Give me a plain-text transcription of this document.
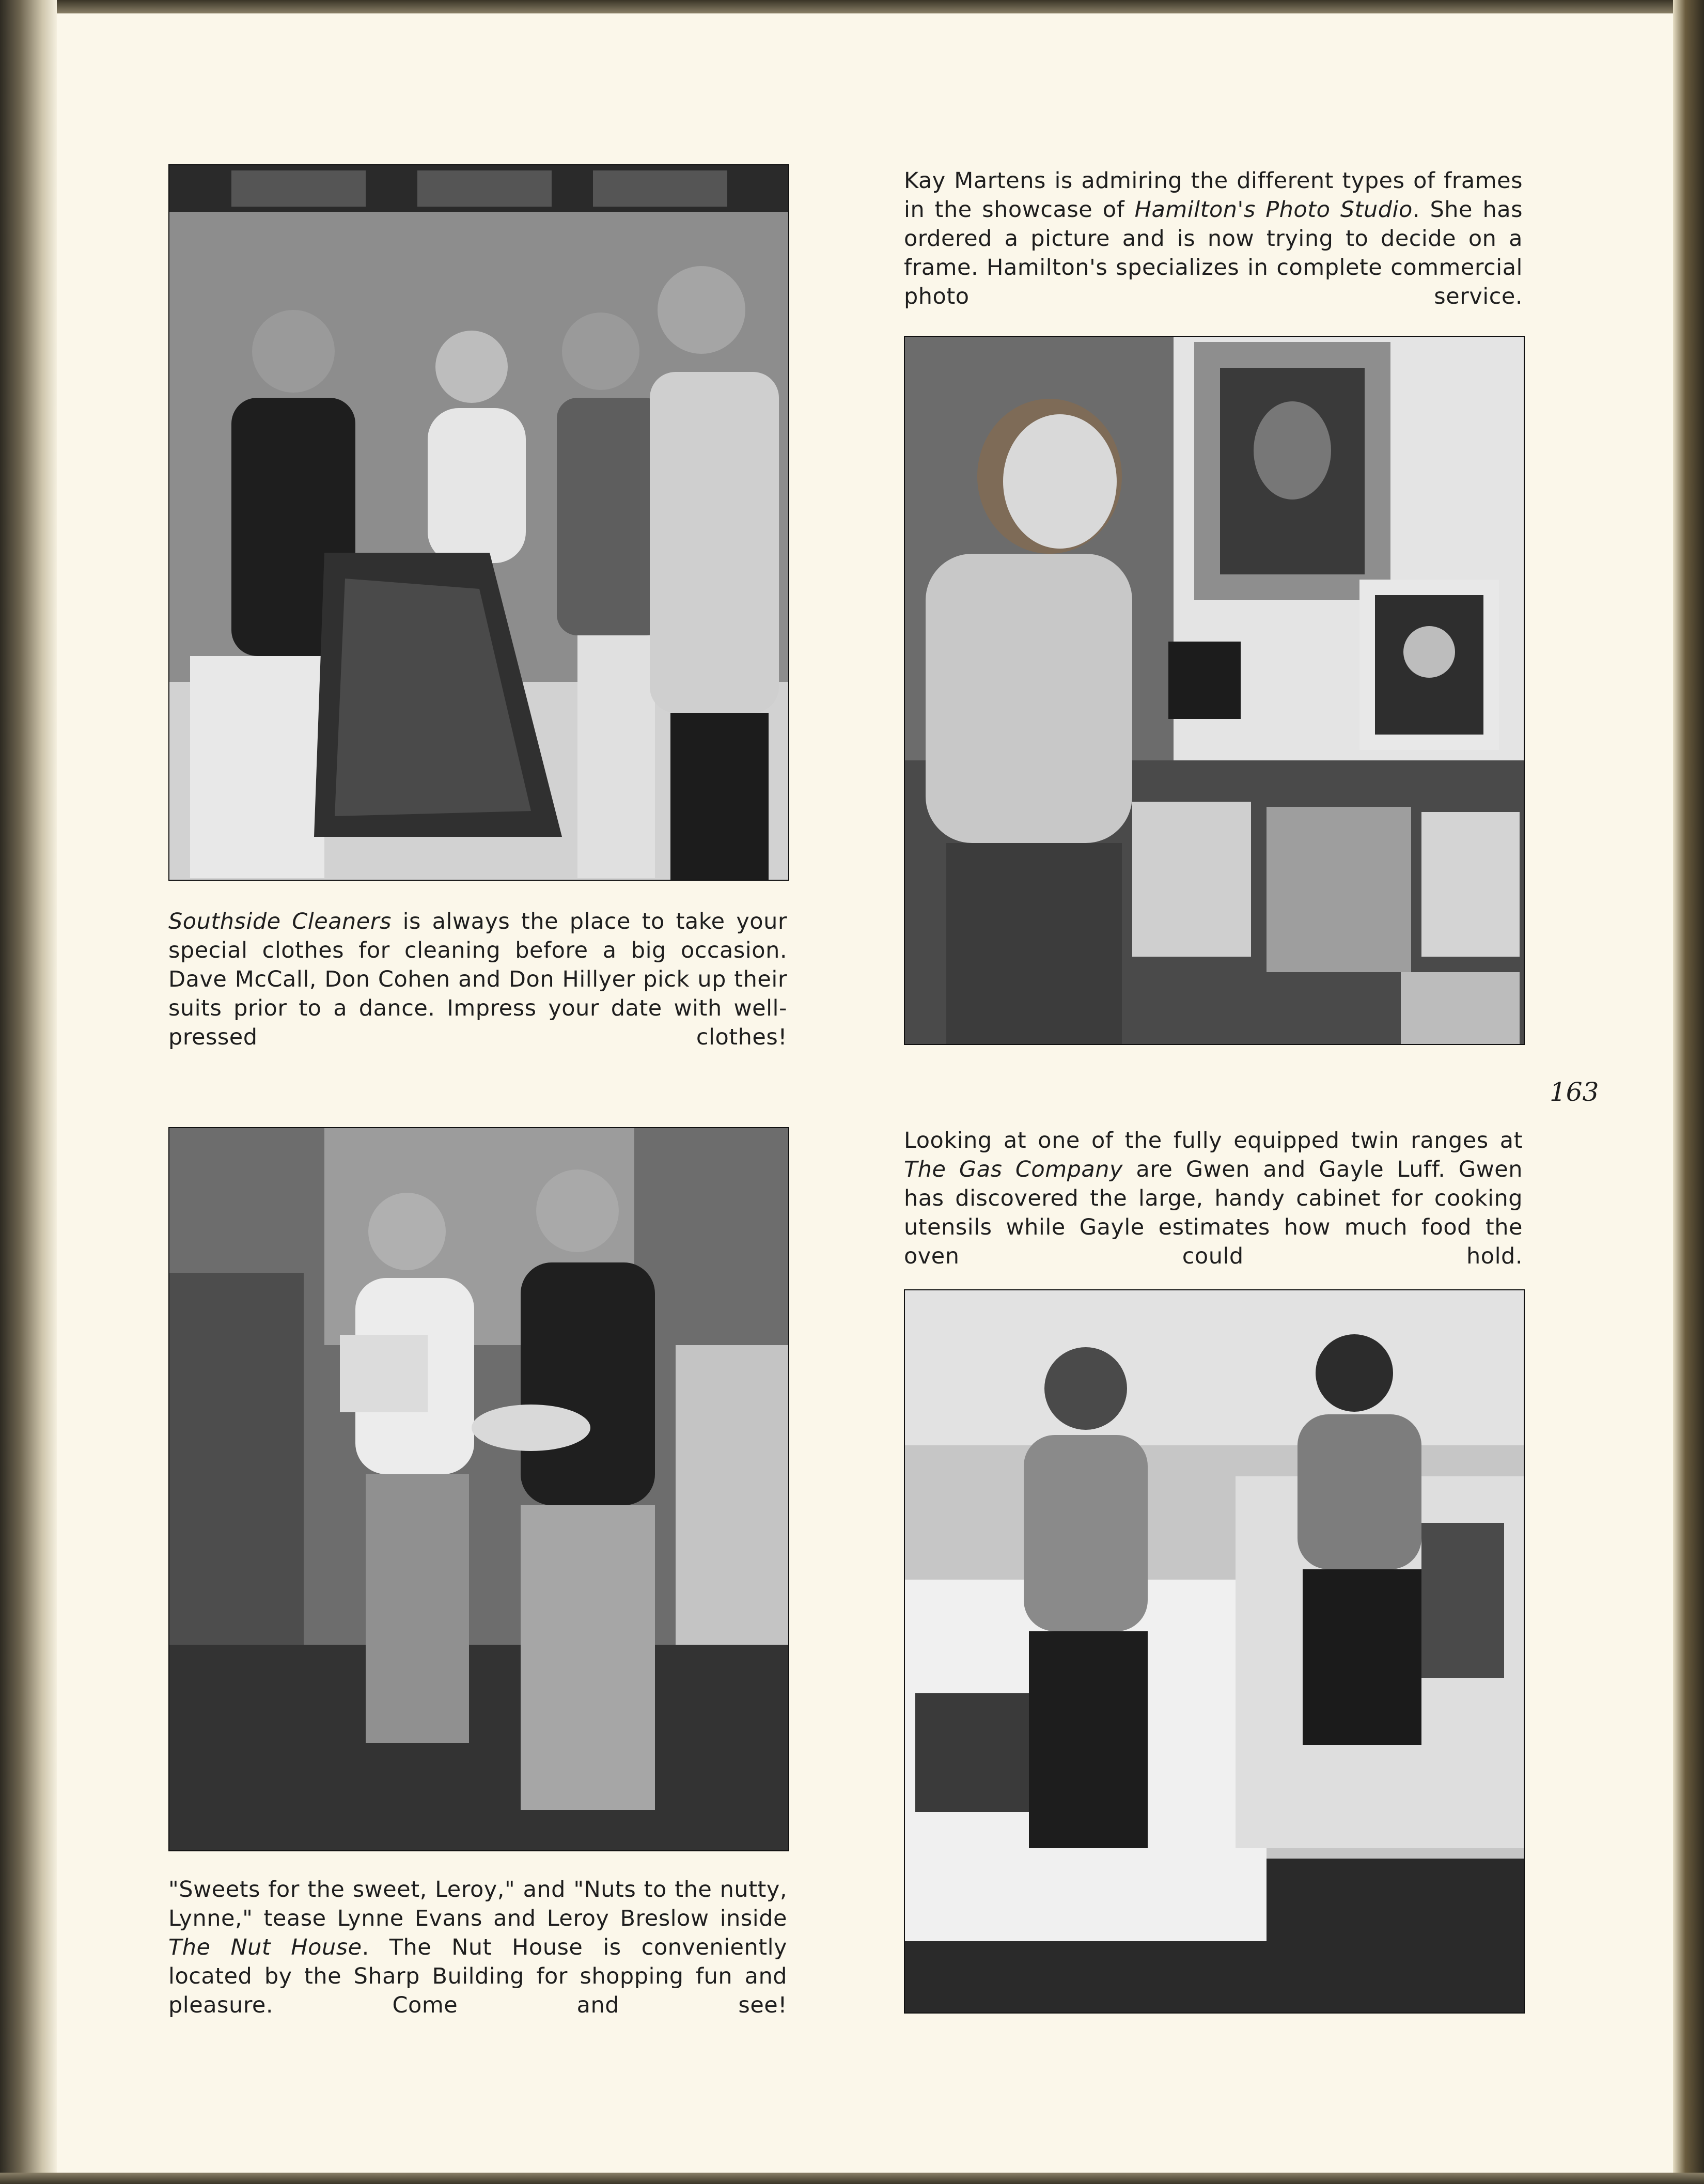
Kay Martens is admiring the different types of frames in the showcase of Hamilton's Photo Studio. She has ordered a picture and is now trying to decide on a frame. Hamilton's specializes in complete commercial photo service.

Southside Cleaners is always the place to take your special clothes for cleaning before a big occasion. Dave McCall, Don Cohen and Don Hillyer pick up their suits prior to a dance. Impress your date with well-pressed clothes!

Looking at one of the fully equipped twin ranges at The Gas Company are Gwen and Gayle Luff. Gwen has discovered the large, handy cabinet for cooking utensils while Gayle estimates how much food the oven could hold.

"Sweets for the sweet, Leroy," and "Nuts to the nutty, Lynne," tease Lynne Evans and Leroy Breslow inside The Nut House. The Nut House is conveniently located by the Sharp Building for shopping fun and pleasure. Come and see!

163
